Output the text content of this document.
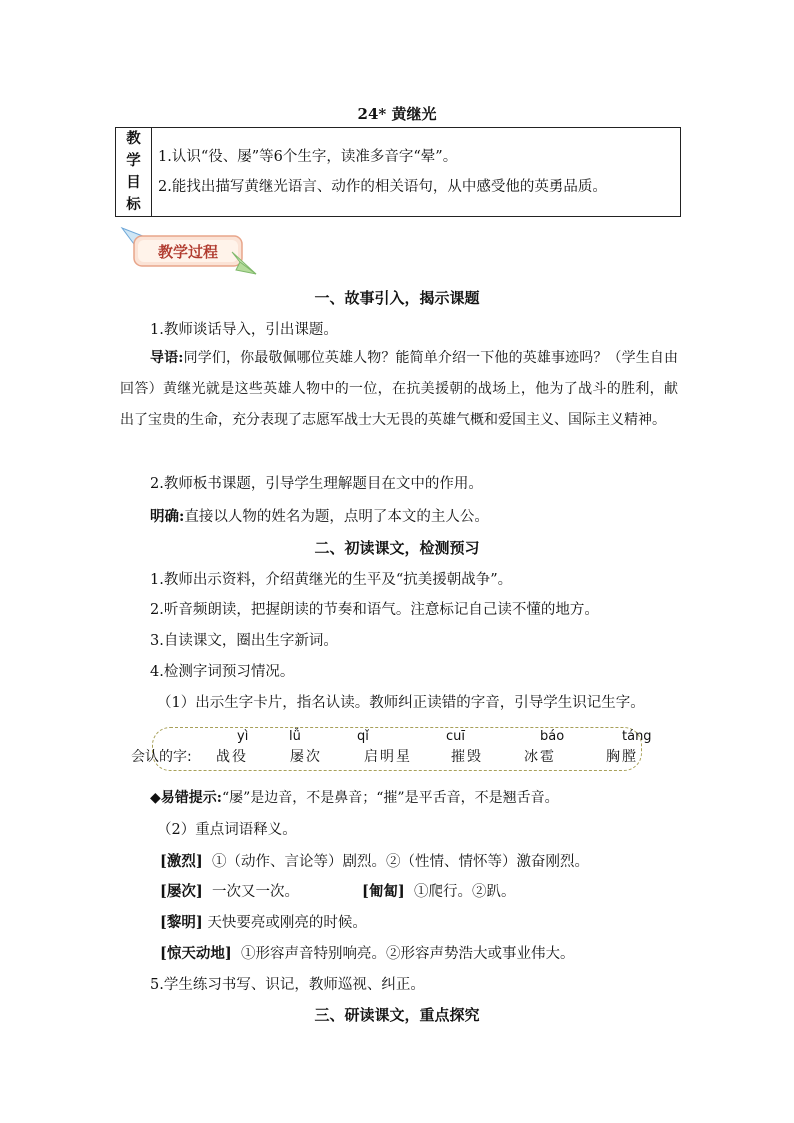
24* 黄继光
教
学
目
标

1.认识“役、屡”等6个生字，读准多音字“晕”。
2.能找出描写黄继光语言、动作的相关语句，从中感受他的英勇品质。
教学过程
一、故事引入，揭示课题
1.教师谈话导入，引出课题。
导语:同学们，你最敬佩哪位英雄人物？能简单介绍一下他的英雄事迹吗？（学生自由回答）黄继光就是这些英雄人物中的一位，在抗美援朝的战场上，他为了战斗的胜利，献出了宝贵的生命，充分表现了志愿军战士大无畏的英雄气概和爱国主义、国际主义精神。
2.教师板书课题，引导学生理解题目在文中的作用。
明确:直接以人物的姓名为题，点明了本文的主人公。
二、初读课文，检测预习
1.教师出示资料，介绍黄继光的生平及“抗美援朝战争”。
2.听音频朗读，把握朗读的节奏和语气。注意标记自己读不懂的地方。
3.自读课文，圈出生字新词。
4.检测字词预习情况。
（1）出示生字卡片，指名认读。教师纠正读错的字音，引导学生识记生字。
会认的字:
yì
战役
lǚ
屡次
qǐ
启明星
cuī
摧毁
báo
冰雹
táng
胸膛
◆易错提示:“屡”是边音，不是鼻音；“摧”是平舌音，不是翘舌音。
（2）重点词语释义。
[激烈] ①（动作、言论等）剧烈。②（性情、情怀等）激奋刚烈。
[屡次] 一次又一次。	[匍匐] ①爬行。②趴。
[黎明] 天快要亮或刚亮的时候。
[惊天动地] ①形容声音特别响亮。②形容声势浩大或事业伟大。
5.学生练习书写、识记，教师巡视、纠正。
三、研读课文，重点探究
